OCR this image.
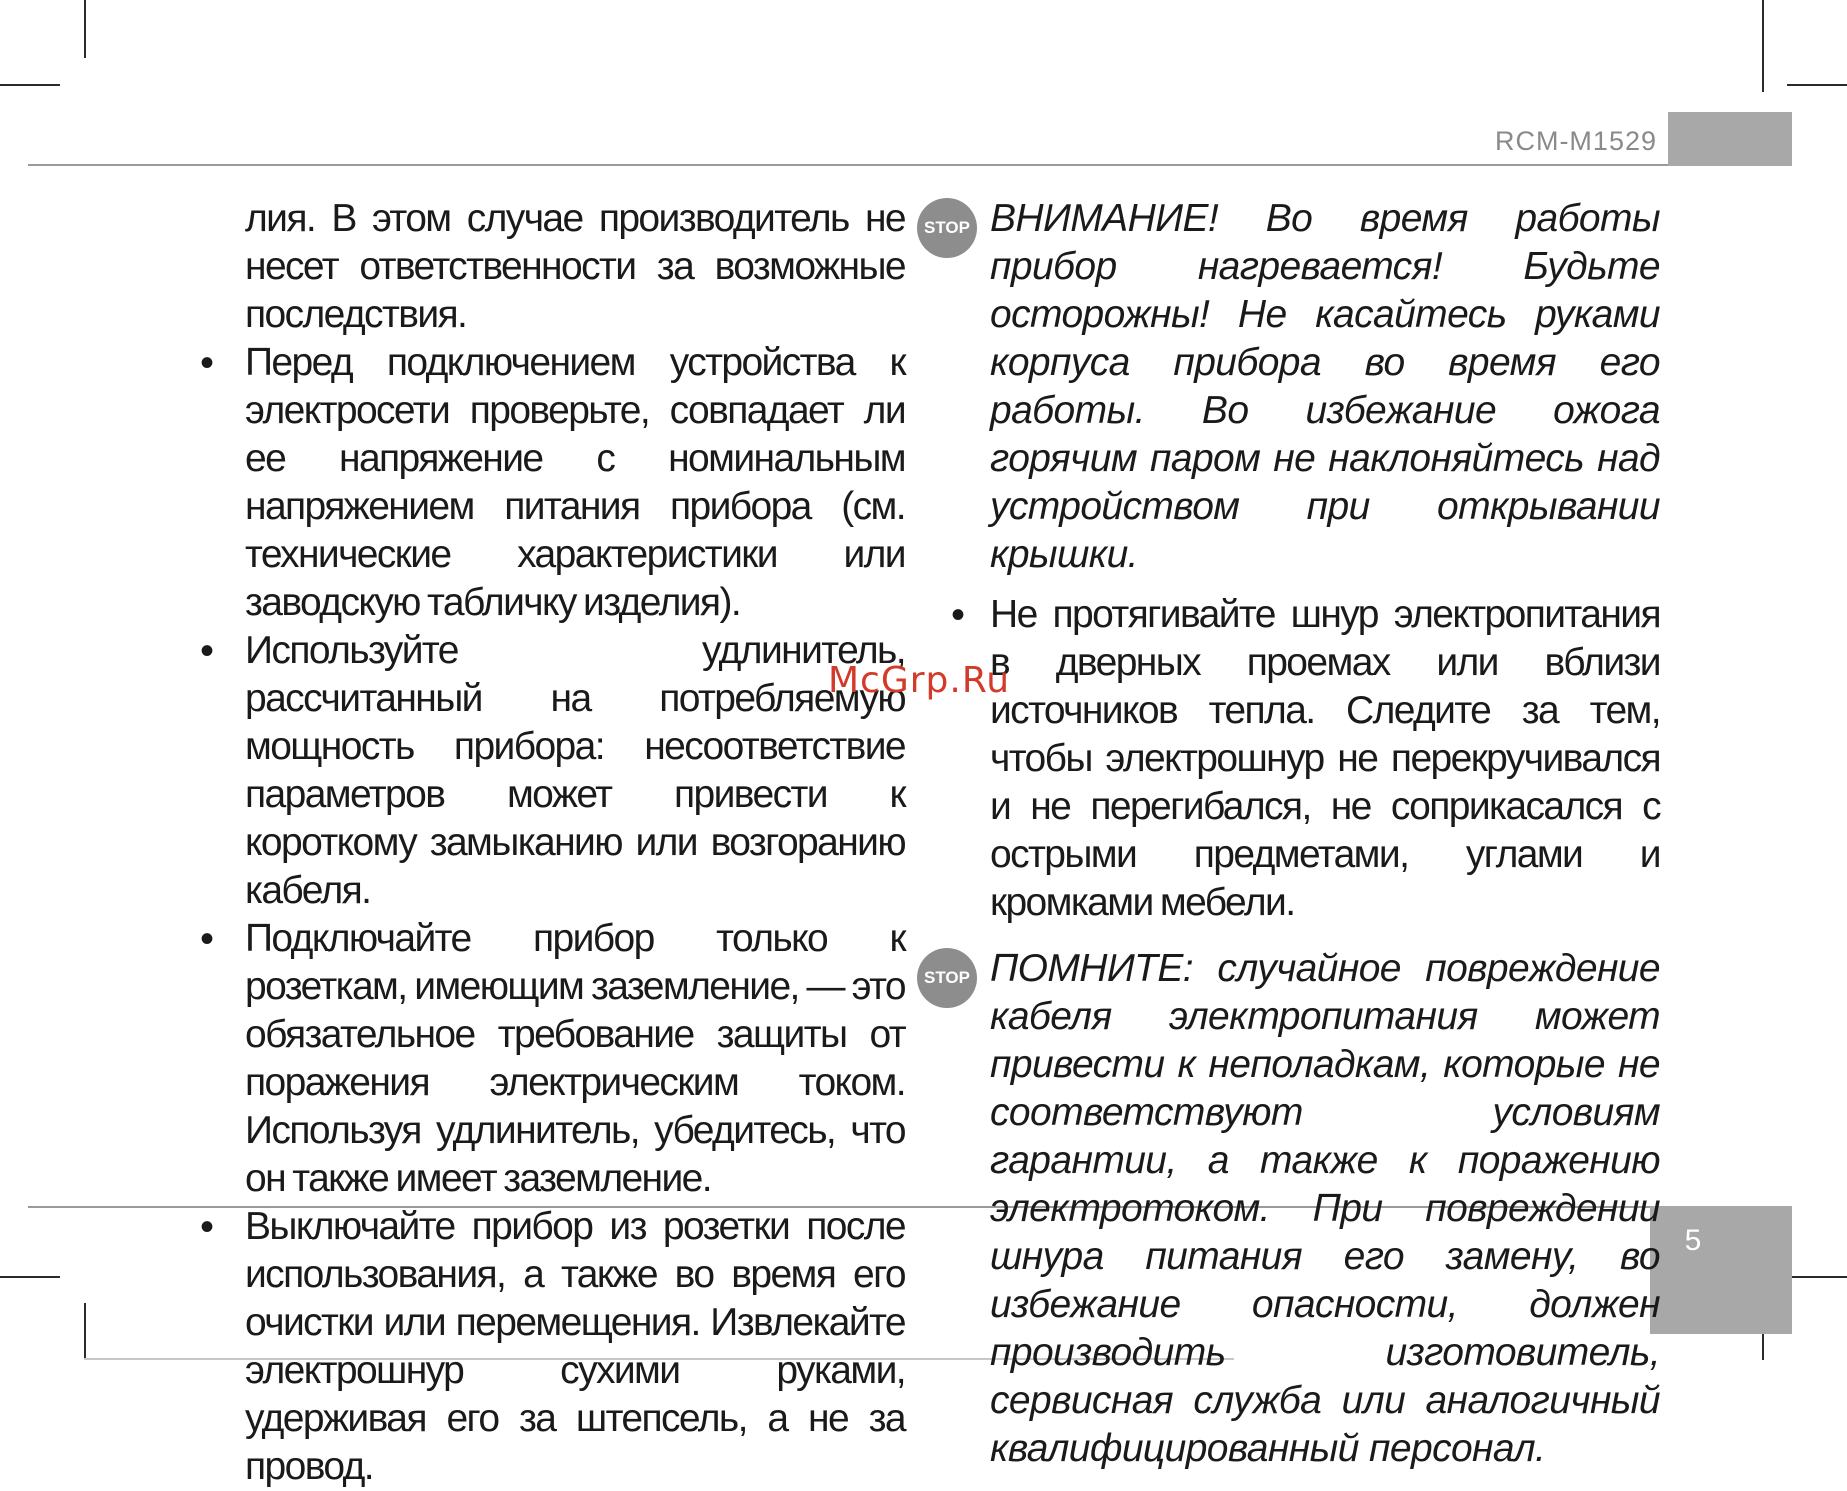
RCM-M1529
5
лия. В этом случае производитель не несет ответственности за возможные последствия.
• Перед подключением устройства к электросети проверьте, совпадает ли ее напряжение с номинальным напряжением питания прибора (см. технические характеристики или заводскую табличку изделия).
• Используйте удлинитель, рассчитанный на потребляемую мощность прибора: несоответствие параметров может привести к короткому замыканию или возгоранию кабеля.
• Подключайте прибор только к розеткам, имеющим заземление, — это обязательное требование защиты от поражения электрическим током. Используя удлинитель, убедитесь, что он также имеет заземление.
• Выключайте прибор из розетки после использования, а также во время его очистки или перемещения. Извлекайте электрошнур сухими руками, удерживая его за штепсель, а не за провод.
STOP ВНИМАНИЕ! Во время работы прибор нагревается! Будьте осторожны! Не касайтесь руками корпуса прибора во время его работы. Во избежание ожога горячим паром не наклоняйтесь над устройством при открывании крышки.
• Не протягивайте шнур электропитания в дверных проемах или вблизи источников тепла. Следите за тем, чтобы электрошнур не перекручивался и не перегибался, не соприкасался с острыми предметами, углами и кромками мебели.
STOP ПОМНИТЕ: случайное повреждение кабеля электропитания может привести к неполадкам, которые не соответствуют условиям гарантии, а также к поражению электротоком. При повреждении шнура питания его замену, во избежание опасности, должен производить изготовитель, сервисная служба или аналогичный квалифицированный персонал.
McGrp.Ru
